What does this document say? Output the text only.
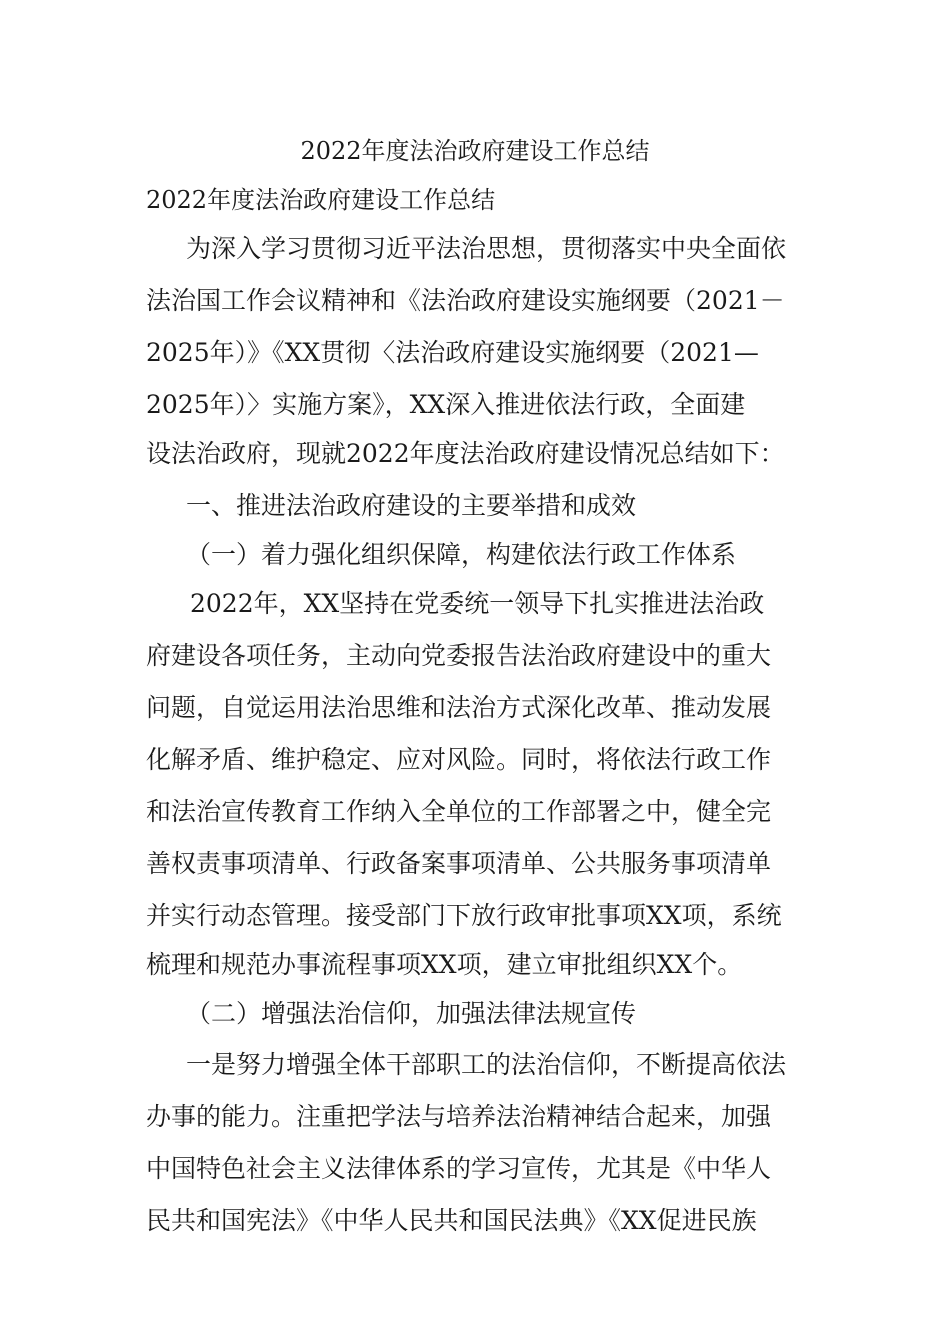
2022年度法治政府建设工作总结
2022年度法治政府建设工作总结
为深入学习贯彻习近平法治思想，贯彻落实中央全面依
法治国工作会议精神和《法治政府建设实施纲要（2021－
2025年）》《XX贯彻〈法治政府建设实施纲要（2021—
2025年）〉实施方案》，XX深入推进依法行政，全面建
设法治政府，现就2022年度法治政府建设情况总结如下：
一、推进法治政府建设的主要举措和成效
（一）着力强化组织保障，构建依法行政工作体系
2022年，XX坚持在党委统一领导下扎实推进法治政
府建设各项任务，主动向党委报告法治政府建设中的重大
问题，自觉运用法治思维和法治方式深化改革、推动发展
化解矛盾、维护稳定、应对风险。同时，将依法行政工作
和法治宣传教育工作纳入全单位的工作部署之中，健全完
善权责事项清单、行政备案事项清单、公共服务事项清单
并实行动态管理。接受部门下放行政审批事项XX项，系统
梳理和规范办事流程事项XX项，建立审批组织XX个。
（二）增强法治信仰，加强法律法规宣传
一是努力增强全体干部职工的法治信仰，不断提高依法
办事的能力。注重把学法与培养法治精神结合起来，加强
中国特色社会主义法律体系的学习宣传，尤其是《中华人
民共和国宪法》《中华人民共和国民法典》《XX促进民族
